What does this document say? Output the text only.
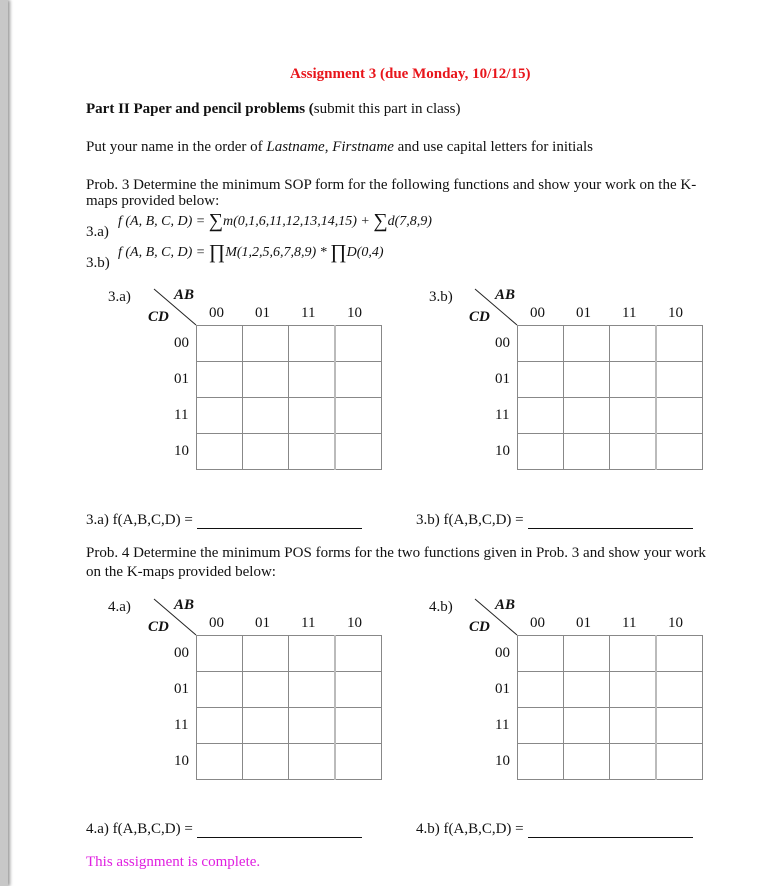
Assignment 3 (due Monday, 10/12/15)
Part II Paper and pencil problems (submit this part in class)
Put your name in the order of Lastname, Firstname and use capital letters for initials
Prob. 3 Determine the minimum SOP form for the following functions and show your work on the K-
maps provided below:
3.a)
f (A, B, C, D) = ∑m(0,1,6,11,12,13,14,15) + ∑d(7,8,9)
3.b)
f (A, B, C, D) = ∏M(1,2,5,6,7,8,9) * ∏D(0,4)
3.a)	AB
CD	00 01 11 10
00
01
11
10

3.b)	AB
CD	00 01 11 10
00
01
11
10

3.a) f(A,B,C,D) =	3.b) f(A,B,C,D) =
Prob. 4 Determine the minimum POS forms for the two functions given in Prob. 3 and show your work
on the K-maps provided below:
4.a)	AB
CD	00 01 11 10
00
01
11
10

4.b)	AB
CD	00 01 11 10
00
01
11
10

4.a) f(A,B,C,D) =	4.b) f(A,B,C,D) =
This assignment is complete.
